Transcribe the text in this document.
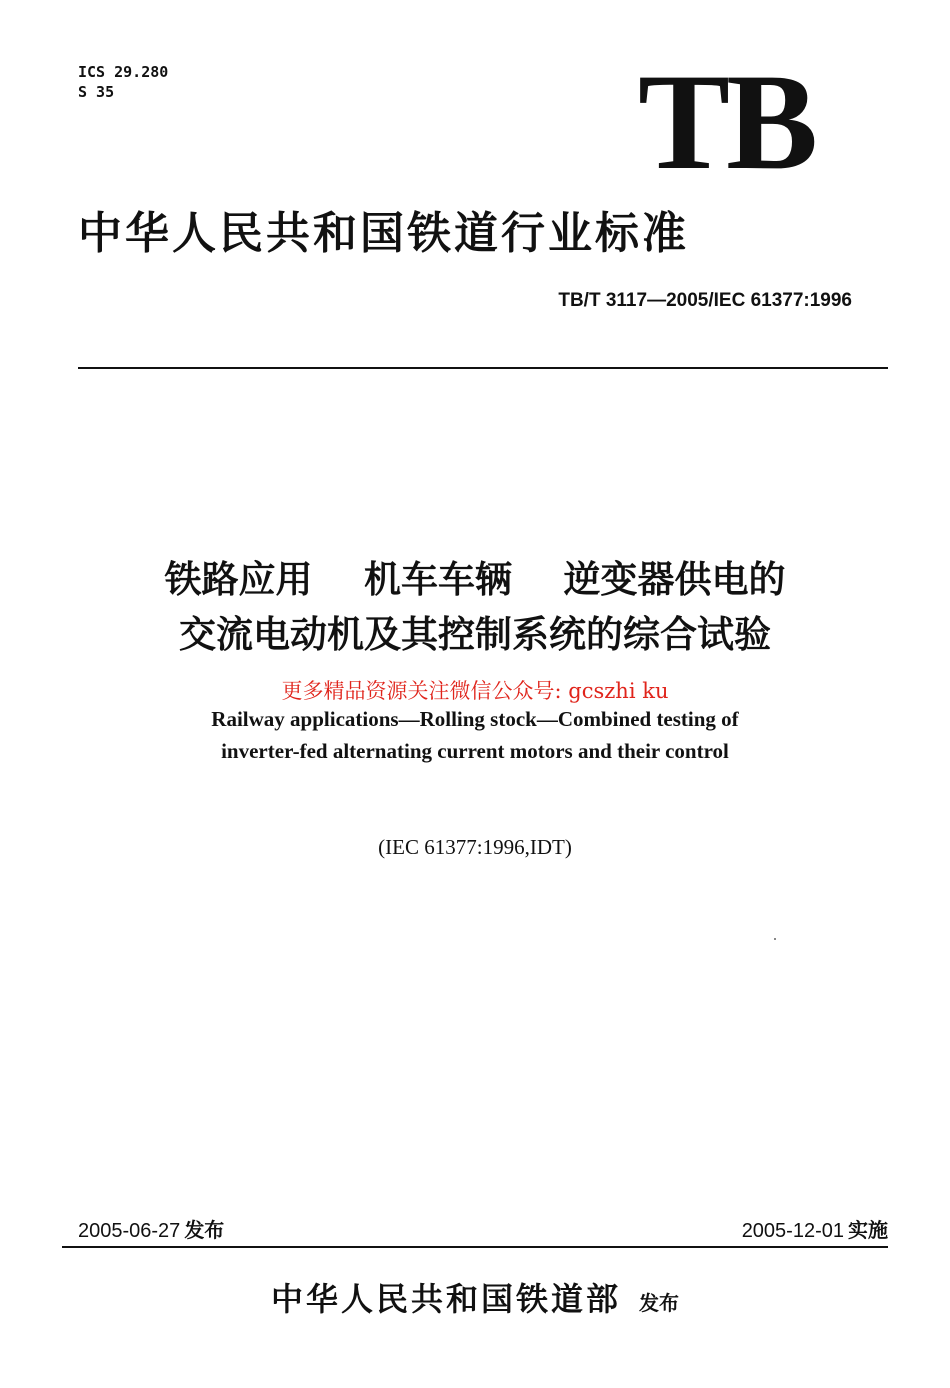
ICS 29.280
S 35	TB
中华人民共和国铁道行业标准
TB/T 3117—2005/IEC 61377:1996
铁路应用    机车车辆    逆变器供电的
交流电动机及其控制系统的综合试验
Railway applications—Rolling stock—Combined testing of
inverter-fed alternating current motors and their control
更多精品资源关注微信公众号: gcszhi ku
(IEC 61377:1996,IDT)
2005-06-27 发布	2005-12-01 实施
中华人民共和国铁道部 发布
